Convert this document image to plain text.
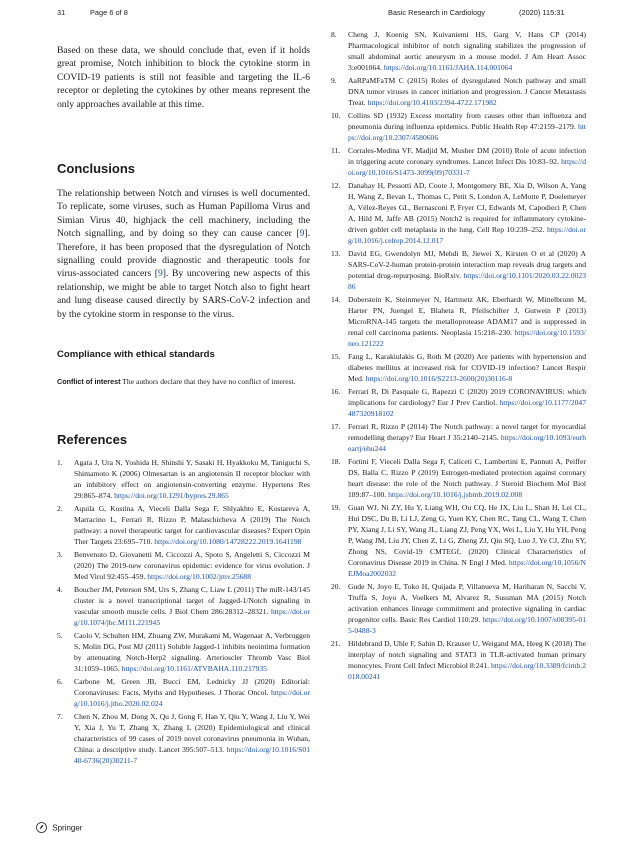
31	Page 6 of 8	Basic Research in Cardiology	(2020) 115:31

Based on these data, we should conclude that, even if it holds great promise, Notch inhibition to block the cytokine storm in COVID-19 patients is still not feasible and targeting the IL-6 receptor or depleting the cytokines by other means represent the only approaches available at this time.

Conclusions

The relationship between Notch and viruses is well documented. To replicate, some viruses, such as Human Papilloma Virus and Simian Virus 40, highjack the cell machinery, including the Notch signalling, and by doing so they can cause cancer [9]. Therefore, it has been proposed that the dysregulation of Notch signalling could provide diagnostic and therapeutic tools for virus-associated cancers [9]. By uncovering new aspects of this relationship, we might be able to target Notch also to fight heart and lung disease caused directly by SARS-CoV-2 infection and by the cytokine storm in response to the virus.

Compliance with ethical standards

Conflict of interest The authors declare that they have no conflict of interest.

References
1. Agata J, Ura N, Yoshida H, Shinshi Y, Sasaki H, Hyakkoku M, Taniguchi S, Shimamoto K (2006) Olmesartan is an angiotensin II receptor blocker with an inhibitory effect on angiotensin-converting enzyme. Hypertens Res 29:865–874. https://doi.org/10.1291/hypres.29.865
2. Aquila G, Kostina A, Vieceli Dalla Sega F, Shlyakhto E, Kostareva A, Marracino L, Ferrari R, Rizzo P, Malaschicheva A (2019) The Notch pathway: a novel therapeutic target for cardiovascular diseases? Expert Opin Ther Targets 23:695–710. https://doi.org/10.1080/14728222.2019.1641198
3. Benvenuto D, Giovanetti M, Ciccozzi A, Spoto S, Angeletti S, Ciccozzi M (2020) The 2019-new coronavirus epidemic: evidence for virus evolution. J Med Virol 92:455–459. https://doi.org/10.1002/jmv.25688
4. Boucher JM, Peterson SM, Urs S, Zhang C, Liaw L (2011) The miR-143/145 cluster is a novel transcriptional target of Jagged-1/Notch signaling in vascular smooth muscle cells. J Biol Chem 286:28312–28321. https://doi.org/10.1074/jbc.M111.221945
5. Caolo V, Schulten HM, Zhuang ZW, Murakami M, Wagenaar A, Verbruggen S, Molin DG, Post MJ (2011) Soluble Jagged-1 inhibits neointima formation by attenuating Notch-Herp2 signaling. Arterioscler Thromb Vasc Biol 31:1059–1065. https://doi.org/10.1161/ATVBAHA.110.217935
6. Carbone M, Green JB, Bucci EM, Lednicky JJ (2020) Editorial: Coronaviruses: Facts, Myths and Hypotheses. J Thorac Oncol. https://doi.org/10.1016/j.jtho.2020.02.024
7. Chen N, Zhou M, Dong X, Qu J, Gong F, Han Y, Qiu Y, Wang J, Liu Y, Wei Y, Xia J, Yu T, Zhang X, Zhang L (2020) Epidemiological and clinical characteristics of 99 cases of 2019 novel coronavirus pneumonia in Wuhan, China: a descriptive study. Lancet 395:507–513. https://doi.org/10.1016/S0140-6736(20)30211-7
8. Cheng J, Koenig SN, Kuivaniemi HS, Garg V, Hans CP (2014) Pharmacological inhibitor of notch signaling stabilizes the progression of small abdominal aortic aneurysm in a mouse model. J Am Heart Assoc 3:e001064. https://doi.org/10.1161/JAHA.114.001064
9. AaRPaMFaTM C (2015) Roles of dysregulated Notch pathway and small DNA tumor viruses in cancer initiation and progression. J Cancer Metastasis Treat. https://doi.org/10.4103/2394-4722.171982
10. Collins SD (1932) Excess mortality from causes other than influenza and pneumonia during influenza epidemics. Public Health Rep 47:2159–2179. https://doi.org/10.2307/4580606
11. Corrales-Medina VF, Madjid M, Musher DM (2010) Role of acute infection in triggering acute coronary syndromes. Lancet Infect Dis 10:83–92. https://doi.org/10.1016/S1473-3099(09)70331-7
12. Danahay H, Pessotti AD, Coote J, Montgomery BE, Xia D, Wilson A, Yang H, Wang Z, Bevan L, Thomas C, Petit S, London A, LeMotte P, Doelemeyer A, Vélez-Reyes GL, Bernasconi P, Fryer CJ, Edwards M, Capodieci P, Chen A, Hild M, Jaffe AB (2015) Notch2 is required for inflammatory cytokine-driven goblet cell metaplasia in the lung. Cell Rep 10:239–252. https://doi.org/10.1016/j.celrep.2014.12.017
13. David EG, Gwendolyn MJ, Mehdi B, Jiewei X, Kirsten O et al (2020) A SARS-CoV-2-human protein-protein interaction map reveals drug targets and potential drug-repurposing. BioRxiv. https://doi.org/10.1101/2020.03.22.002386
14. Doberstein K, Steinmeyer N, Hartmetz AK, Eberhardt W, Mittelbronn M, Harter PN, Juengel E, Blaheta R, Pfeilschifter J, Gutwein P (2013) MicroRNA-145 targets the metalloprotease ADAM17 and is suppressed in renal cell carcinoma patients. Neoplasia 15:218–230. https://doi.org/10.1593/neo.121222
15. Fang L, Karakiulakis G, Roth M (2020) Are patients with hypertension and diabetes mellitus at increased risk for COVID-19 infection? Lancet Respir Med. https://doi.org/10.1016/S2213-2600(20)30116-8
16. Ferrari R, Di Pasquale G, Rapezzi C (2020) 2019 CORONAVIRUS: which implications for cardiology? Eur J Prev Cardiol. https://doi.org/10.1177/2047487320918102
17. Ferrari R, Rizzo P (2014) The Notch pathway: a novel target for myocardial remodelling therapy? Eur Heart J 35:2140–2145. https://doi.org/10.1093/eurheartj/ehu244
18. Fortini F, Vieceli Dalla Sega F, Caliceti C, Lambertini E, Pannuti A, Peiffer DS, Balla C, Rizzo P (2019) Estrogen-mediated protection against coronary heart disease: the role of the Notch pathway. J Steroid Biochem Mol Biol 189:87–100. https://doi.org/10.1016/j.jsbmb.2019.02.008
19. Guan WJ, Ni ZY, Hu Y, Liang WH, Ou CQ, He JX, Liu L, Shan H, Lei CL, Hui DSC, Du B, Li LJ, Zeng G, Yuen KY, Chen RC, Tang CL, Wang T, Chen PY, Xiang J, Li SY, Wang JL, Liang ZJ, Peng YX, Wei L, Liu Y, Hu YH, Peng P, Wang JM, Liu JY, Chen Z, Li G, Zheng ZJ, Qiu SQ, Luo J, Ye CJ, Zhu SY, Zhong NS, Covid-19 CMTEGf, (2020) Clinical Characteristics of Coronavirus Disease 2019 in China. N Engl J Med. https://doi.org/10.1056/NEJMoa2002032
20. Gude N, Joyo E, Toko H, Quijada P, Villanueva M, Hariharan N, Sacchi V, Truffa S, Joyo A, Voelkers M, Alvarez R, Sussman MA (2015) Notch activation enhances lineage commitment and protective signaling in cardiac progenitor cells. Basic Res Cardiol 110:29. https://doi.org/10.1007/s00395-015-0488-3
21. Hildebrand D, Uhle F, Sahin D, Krauser U, Weigand MA, Heeg K (2018) The interplay of notch signaling and STAT3 in TLR-activated human primary monocytes. Front Cell Infect Microbiol 8:241. https://doi.org/10.3389/fcimb.2018.00241
Springer
